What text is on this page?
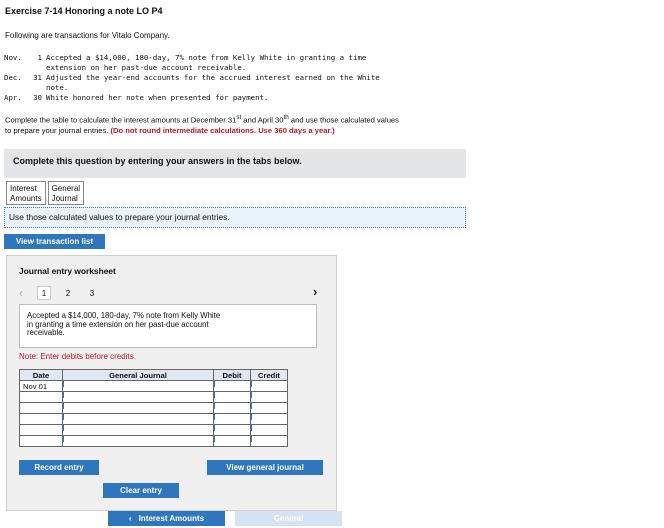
Exercise 7-14 Honoring a note LO P4
Following are transactions for Vitalo Company.
Nov.	1 Accepted a $14,000, 180-day, 7% note from Kelly White in granting a time
extension on her past-due account receivable.
Dec.	31 Adjusted the year-end accounts for the accrued interest earned on the White
note.
Apr.	30 White honored her note when presented for payment.
Complete the table to calculate the interest amounts at December 31st and April 30th and use those calculated values
to prepare your journal entries. (Do not round intermediate calculations. Use 360 days a year.)
Complete this question by entering your answers in the tabs below.
Interest
Amounts
General
Journal
Use those calculated values to prepare your journal entries.
View transaction list
Journal entry worksheet
‹	1	2	3	›
Accepted a $14,000, 180-day, 7% note from Kelly White
in granting a time extension on her past-due account
receivable.
Note: Enter debits before credits.
Date	General Journal	Debit	Credit
Nov 01			

Record entry	View general journal
Clear entry
‹ Interest Amounts	General
